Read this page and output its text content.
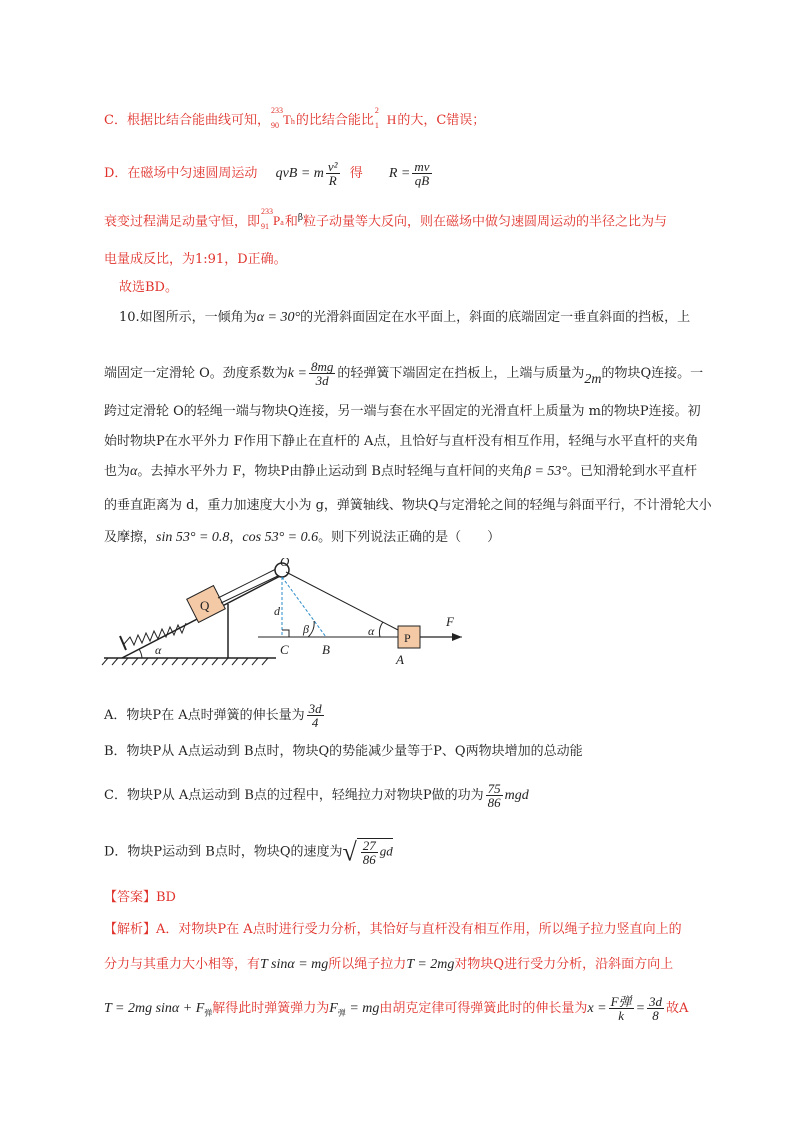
C．根据比结合能曲线可知，
233
90 Th的比结合能比
2
1 H的大，C错误；
D．在磁场中匀速圆周运动 qvB = m $\frac{\text{v²}}{R}$ 得 $R = \frac{mv}{qB}$
衰变过程满足动量守恒，即
233
91 Pa和$^\beta$粒子动量等大反向，则在磁场中做匀速圆周运动的半径之比为与
电量成反比，为1:91，D正确。
故选BD。
10.如图所示，一倾角为α = 30°的光滑斜面固定在水平面上，斜面的底端固定一垂直斜面的挡板，上
端固定一定滑轮 O。劲度系数为$k = \frac{8mg}{3d}$ 的轻弹簧下端固定在挡板上，上端与质量为2m的物块Q连接。一
跨过定滑轮 O的轻绳一端与物块Q连接，另一端与套在水平固定的光滑直杆上质量为 m的物块P连接。初
始时物块P在水平外力 F作用下静止在直杆的 A点，且恰好与直杆没有相互作用，轻绳与水平直杆的夹角
也为α。去掉水平外力 F，物块P由静止运动到 B点时轻绳与直杆间的夹角β = 53°。已知滑轮到水平直杆
的垂直距离为 d，重力加速度大小为 g，弹簧轴线、物块Q与定滑轮之间的轻绳与斜面平行，不计滑轮大小
及摩擦，sin 53° = 0.8，cos 53° = 0.6。则下列说法正确的是（　　）
Q
O
P
F
d
β	α
α	C	B
A
A．物块P在 A点时弹簧的伸长量为 $\frac{3d}{4}$
B．物块P从 A点运动到 B点时，物块Q的势能减少量等于P、Q两物块增加的总动能
C．物块P从 A点运动到 B点的过程中，轻绳拉力对物块P做的功为 $\frac{75}{86}$ mgd
D．物块P运动到 B点时，物块Q的速度为√ $\frac{27}{86}$ gd
【答案】BD
【解析】A．对物块P在 A点时进行受力分析，其恰好与直杆没有相互作用，所以绳子拉力竖直向上的
分力与其重力大小相等，有T sinα = mg所以绳子拉力T = 2mg对物块Q进行受力分析，沿斜面方向上
T = 2mg $\sin\alpha + F_弹$解得此时弹簧弹力为$F_弹$ = mg由胡克定律可得弹簧此时的伸长量为$x = \frac{\text{F弹}}{k} = \frac{3d}{8}$ 故A
